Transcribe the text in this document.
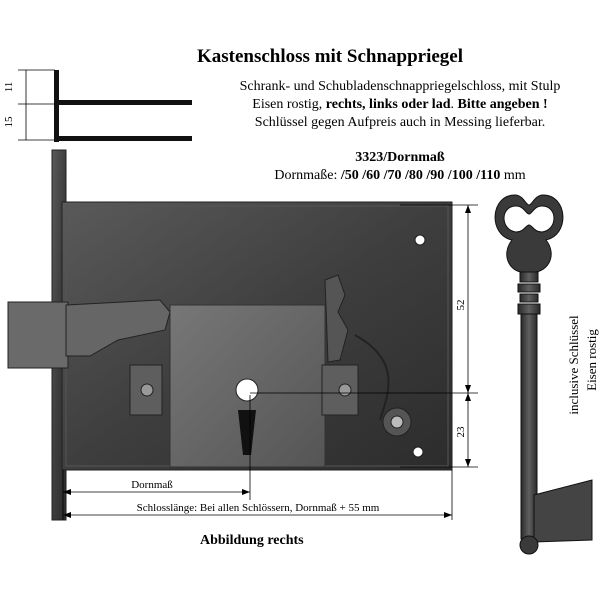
Kastenschloss mit Schnappriegel
Schrank- und Schubladenschnappriegelschloss, mit Stulp
Eisen rostig, rechts, links oder lad. Bitte angeben !
Schlüssel gegen Aufpreis auch in Messing lieferbar.
3323/Dornmaß
Dornmaße: /50 /60 /70 /80 /90 /100 /110 mm
11
15
52
23
Dornmaß
Schlosslänge: Bei allen Schlössern, Dornmaß + 55 mm
inclusive Schlüssel Eisen rostig
Abbildung rechts
